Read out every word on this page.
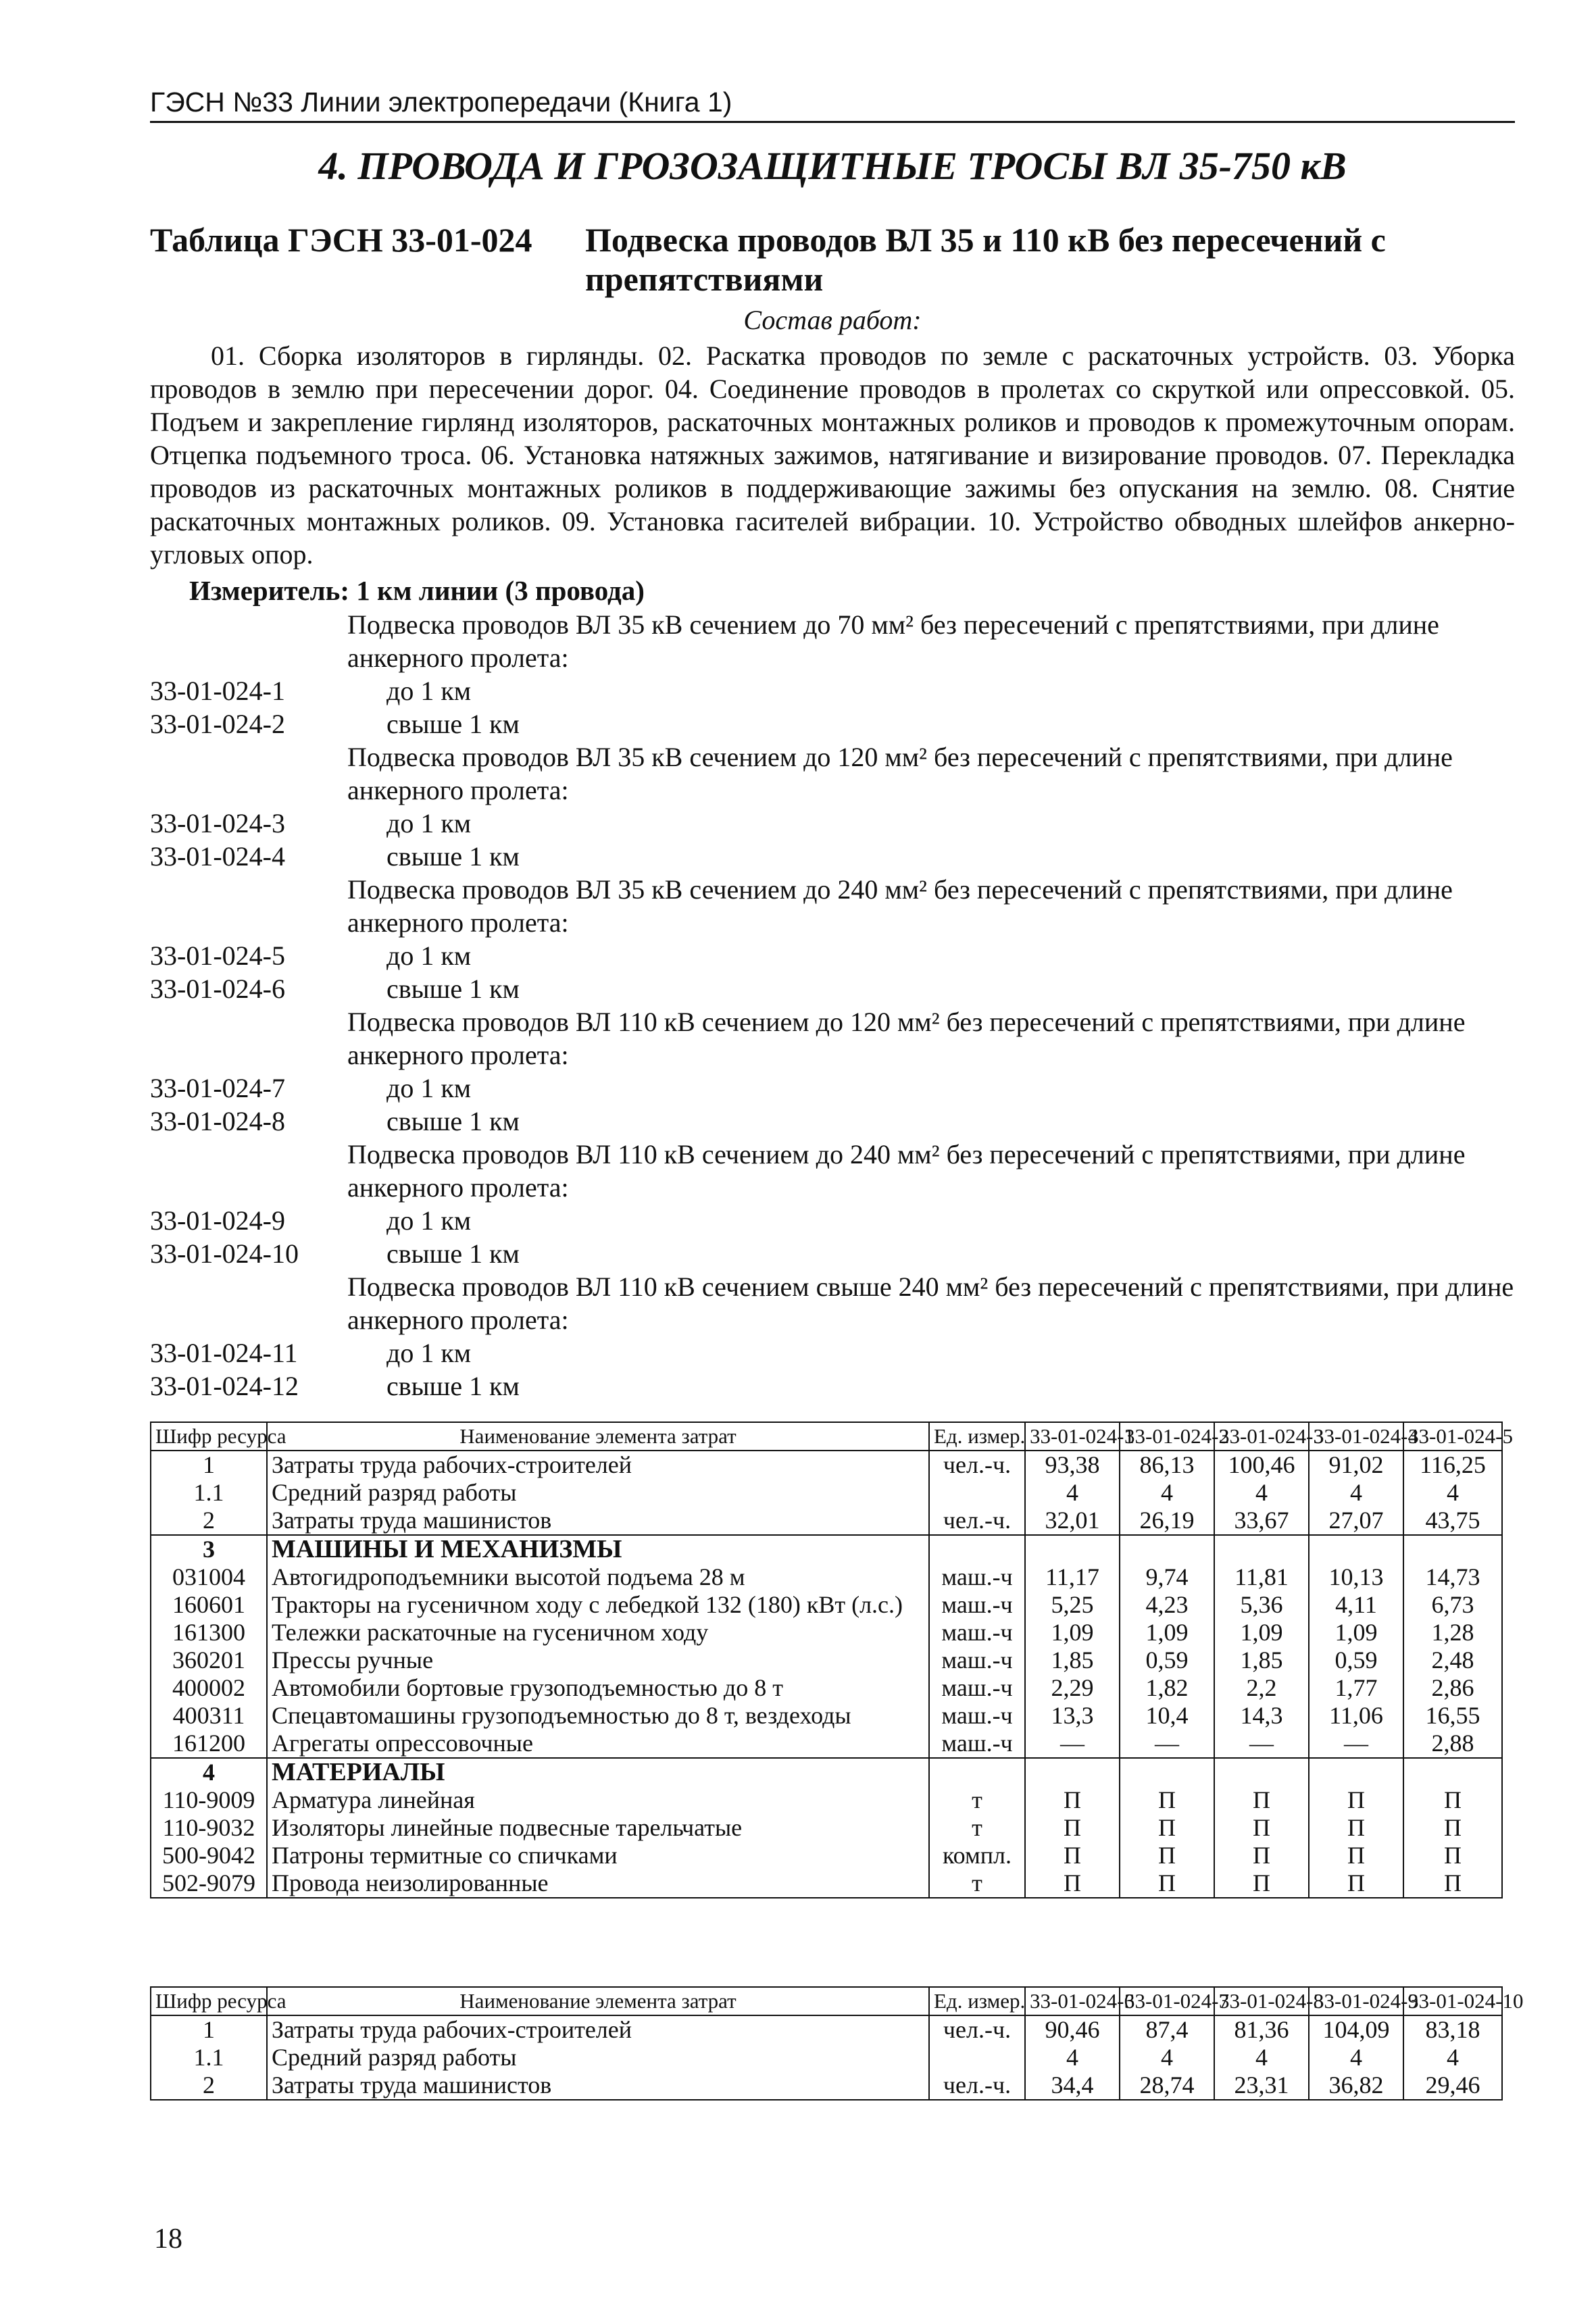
ГЭСН №33 Линии электропередачи (Книга 1)
4. ПРОВОДА И ГРОЗОЗАЩИТНЫЕ ТРОСЫ ВЛ 35-750 кВ
Таблица ГЭСН 33-01-024 Подвеска проводов ВЛ 35 и 110 кВ без пересечений с препятствиями
Состав работ:
01. Сборка изоляторов в гирлянды. 02. Раскатка проводов по земле с раскаточных устройств. 03. Уборка проводов в землю при пересечении дорог. 04. Соединение проводов в пролетах со скруткой или опрессовкой. 05. Подъем и закрепление гирлянд изоляторов, раскаточных монтажных роликов и проводов к промежуточным опорам. Отцепка подъемного троса. 06. Установка натяжных зажимов, натягивание и визирование проводов. 07. Перекладка проводов из раскаточных монтажных роликов в поддерживающие зажимы без опускания на землю. 08. Снятие раскаточных монтажных роликов. 09. Установка гасителей вибрации. 10. Устройство обводных шлейфов анкерно-угловых опор.
Измеритель: 1 км линии (3 провода)
Подвеска проводов ВЛ 35 кВ сечением до 70 мм² без пересечений с препятствиями, при длине анкерного пролета:
33-01-024-1	до 1 км
33-01-024-2	свыше 1 км
Подвеска проводов ВЛ 35 кВ сечением до 120 мм² без пересечений с препятствиями, при длине анкерного пролета:
33-01-024-3	до 1 км
33-01-024-4	свыше 1 км
Подвеска проводов ВЛ 35 кВ сечением до 240 мм² без пересечений с препятствиями, при длине анкерного пролета:
33-01-024-5	до 1 км
33-01-024-6	свыше 1 км
Подвеска проводов ВЛ 110 кВ сечением до 120 мм² без пересечений с препятствиями, при длине анкерного пролета:
33-01-024-7	до 1 км
33-01-024-8	свыше 1 км
Подвеска проводов ВЛ 110 кВ сечением до 240 мм² без пересечений с препятствиями, при длине анкерного пролета:
33-01-024-9	до 1 км
33-01-024-10	свыше 1 км
Подвеска проводов ВЛ 110 кВ сечением свыше 240 мм² без пересечений с препятствиями, при длине анкерного пролета:
33-01-024-11	до 1 км
33-01-024-12	свыше 1 км
Шифр ресурса	Наименование элемента затрат	Ед. измер.	33-01-024-1	33-01-024-2	33-01-024-3	33-01-024-4	33-01-024-5
1	Затраты труда рабочих-строителей	чел.-ч.	93,38	86,13	100,46	91,02	116,25
1.1	Средний разряд работы		4	4	4	4	4
2	Затраты труда машинистов	чел.-ч.	32,01	26,19	33,67	27,07	43,75
3	МАШИНЫ И МЕХАНИЗМЫ						
031004	Автогидроподъемники высотой подъема 28 м	маш.-ч	11,17	9,74	11,81	10,13	14,73
160601	Тракторы на гусеничном ходу с лебедкой 132 (180) кВт (л.с.)	маш.-ч	5,25	4,23	5,36	4,11	6,73
161300	Тележки раскаточные на гусеничном ходу	маш.-ч	1,09	1,09	1,09	1,09	1,28
360201	Прессы ручные	маш.-ч	1,85	0,59	1,85	0,59	2,48
400002	Автомобили бортовые грузоподъемностью до 8 т	маш.-ч	2,29	1,82	2,2	1,77	2,86
400311	Спецавтомашины грузоподъемностью до 8 т, вездеходы	маш.-ч	13,3	10,4	14,3	11,06	16,55
161200	Агрегаты опрессовочные	маш.-ч	—	—	—	—	2,88
4	МАТЕРИАЛЫ						
110-9009	Арматура линейная	т	П	П	П	П	П
110-9032	Изоляторы линейные подвесные тарельчатые	т	П	П	П	П	П
500-9042	Патроны термитные со спичками	компл.	П	П	П	П	П
502-9079	Провода неизолированные	т	П	П	П	П	П
Шифр ресурса	Наименование элемента затрат	Ед. измер.	33-01-024-6	33-01-024-7	33-01-024-8	33-01-024-9	33-01-024-10
1	Затраты труда рабочих-строителей	чел.-ч.	90,46	87,4	81,36	104,09	83,18
1.1	Средний разряд работы		4	4	4	4	4
2	Затраты труда машинистов	чел.-ч.	34,4	28,74	23,31	36,82	29,46
18
